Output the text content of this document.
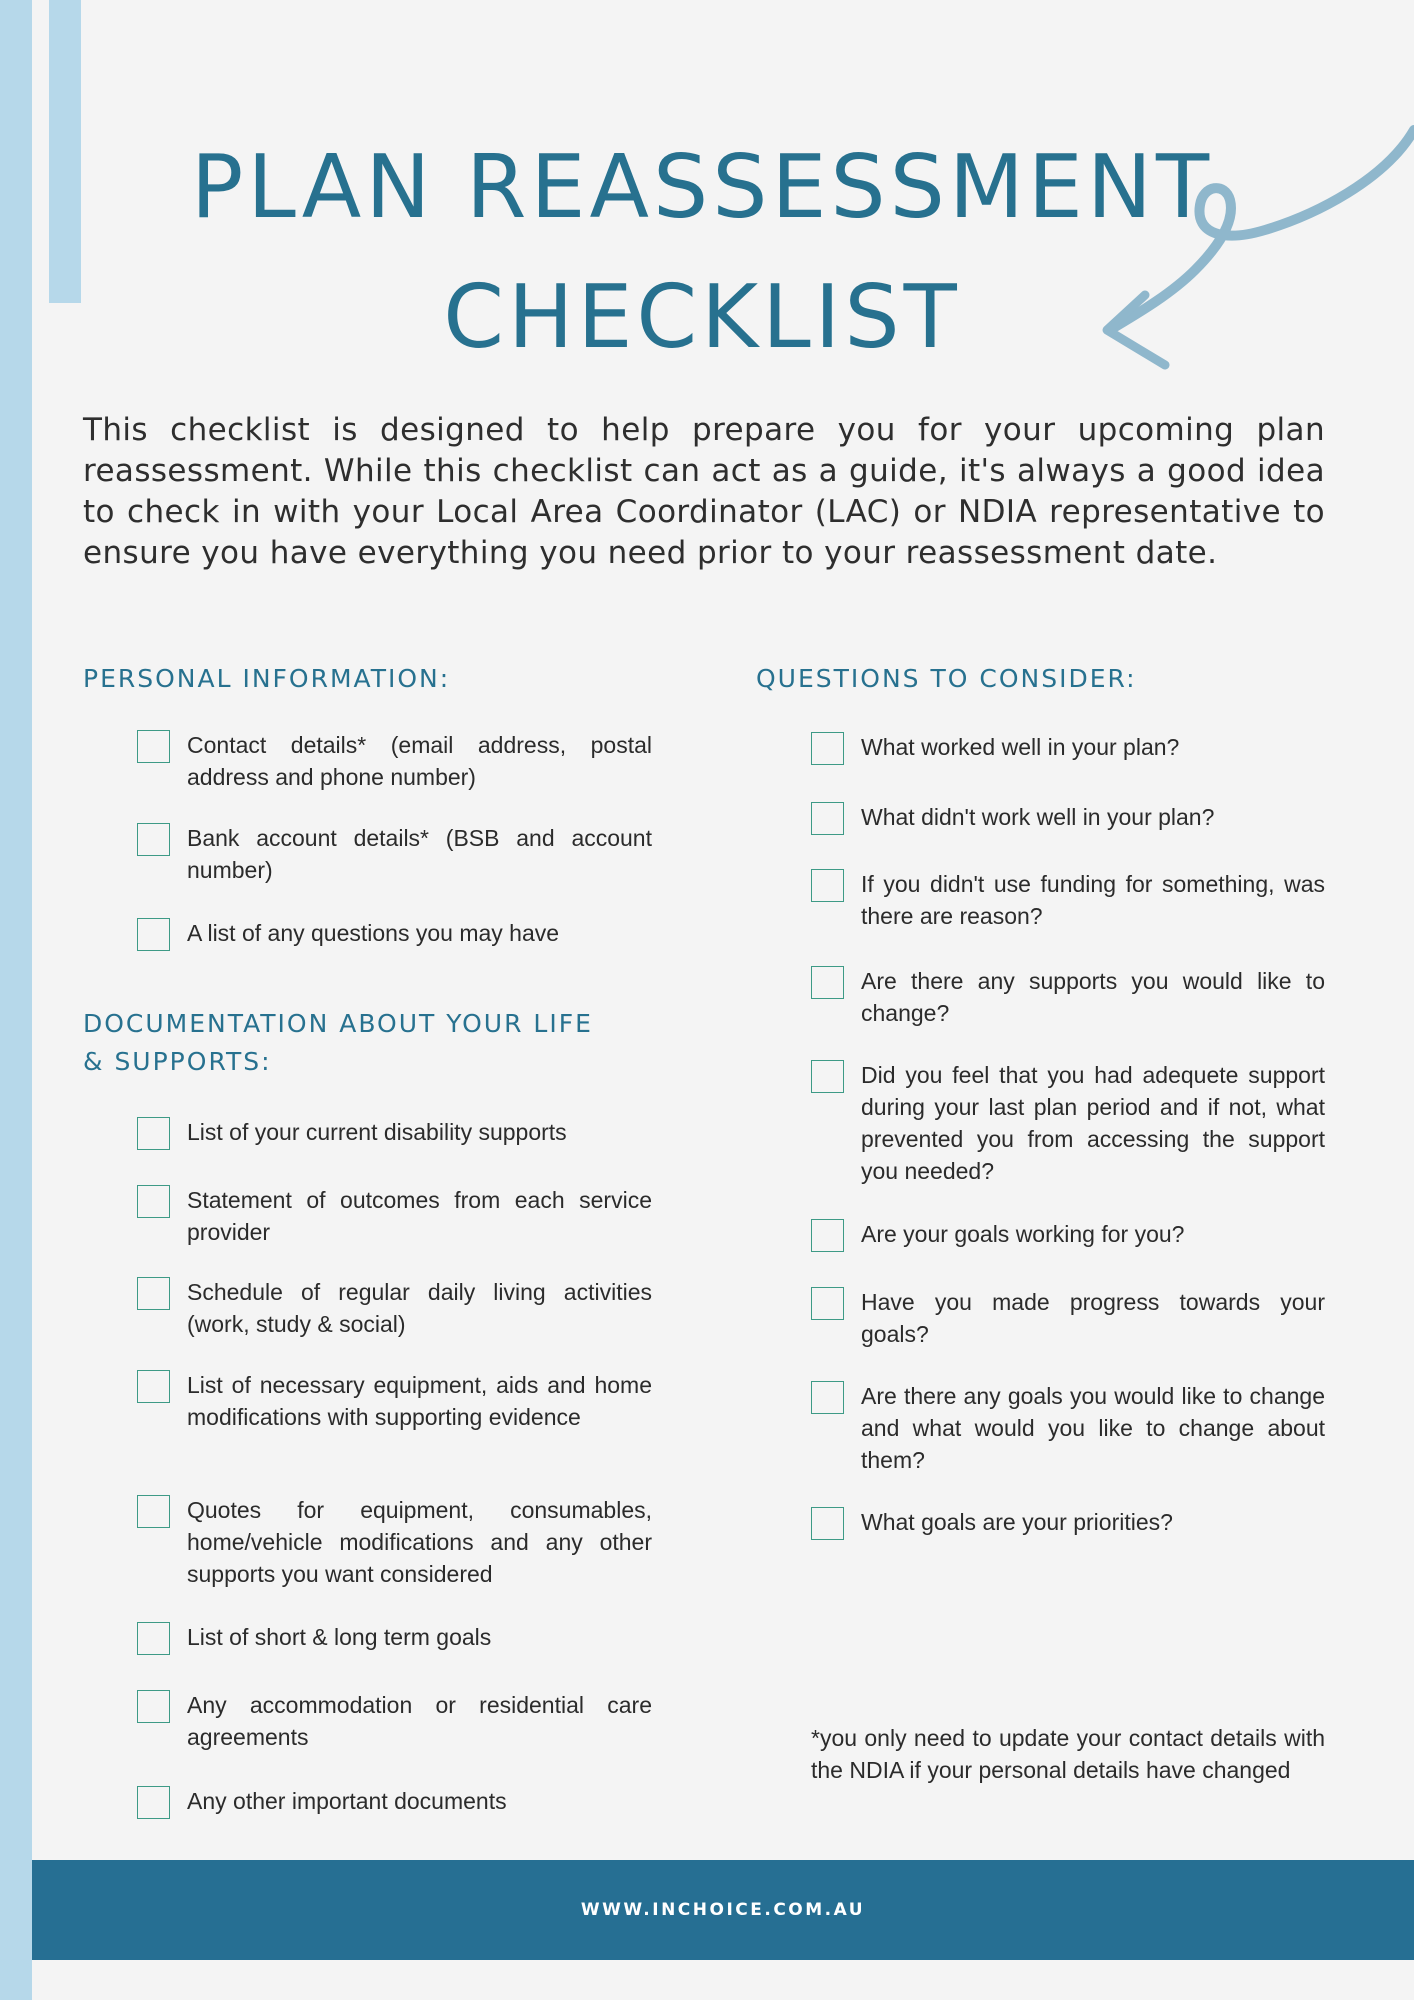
PLAN REASSESSMENT
CHECKLIST

This checklist is designed to help prepare you for your upcoming plan reassessment. While this checklist can act as a guide, it's always a good idea to check in with your Local Area Coordinator (LAC) or NDIA representative to ensure you have everything you need prior to your reassessment date.

PERSONAL INFORMATION:
Contact details* (email address, postal address and phone number)
Bank account details* (BSB and account number)
A list of any questions you may have
DOCUMENTATION ABOUT YOUR LIFE
& SUPPORTS:
List of your current disability supports
Statement of outcomes from each service provider
Schedule of regular daily living activities (work, study & social)
List of necessary equipment, aids and home modifications with supporting evidence
Quotes for equipment, consumables, home/vehicle modifications and any other supports you want considered
List of short & long term goals
Any accommodation or residential care agreements
Any other important documents
QUESTIONS TO CONSIDER:
What worked well in your plan?
What didn't work well in your plan?
If you didn't use funding for something, was there are reason?
Are there any supports you would like to change?
Did you feel that you had adequete support during your last plan period and if not, what prevented you from accessing the support you needed?
Are your goals working for you?
Have you made progress towards your goals?
Are there any goals you would like to change and what would you like to change about them?
What goals are your priorities?

*you only need to update your contact details with the NDIA if your personal details have changed

WWW.INCHOICE.COM.AU
